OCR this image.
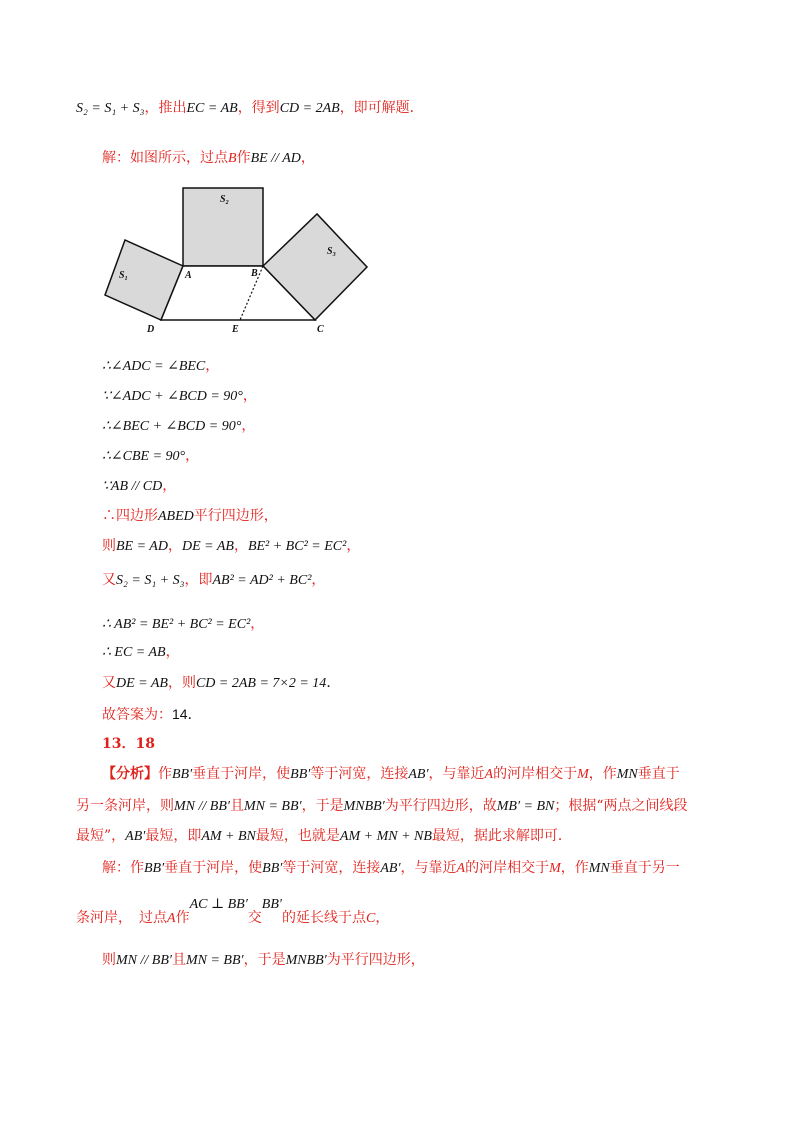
S₂ = S₁ + S₃，推出EC = AB，得到CD = 2AB，即可解题．
解：如图所示，过点B作BE // AD，
S₂
S₁
S₃
A	B
D	E	C
∴∠ADC = ∠BEC，
∵∠ADC + ∠BCD = 90°，
∴∠BEC + ∠BCD = 90°，
∴∠CBE = 90°，
∵AB // CD，
∴四边形ABED平行四边形，
则BE = AD，DE = AB，BE² + BC² = EC²，
又S₂ = S₁ + S₃，即AB² = AD² + BC²，
∴ AB² = BE² + BC² = EC²，
∴ EC = AB，
又DE = AB，则CD = 2AB = 7×2 = 14．
故答案为：14．
13．18
【分析】作BB′垂直于河岸，使BB′等于河宽，连接AB′，与靠近A的河岸相交于M，作MN垂直于
另一条河岸，则MN // BB′且MN = BB′，于是MNBB′为平行四边形，故MB′ = BN；根据“两点之间线段
最短”，AB′最短，即AM + BN最短，也就是AM + MN + NB最短，据此求解即可．
解：作BB′垂直于河岸，使BB′等于河宽，连接AB′，与靠近A的河岸相交于M，作MN垂直于另一
条河岸，　过点A作AC ⊥ BB′交BB′的延长线于点C，
则MN // BB′且MN = BB′，于是MNBB′为平行四边形，
